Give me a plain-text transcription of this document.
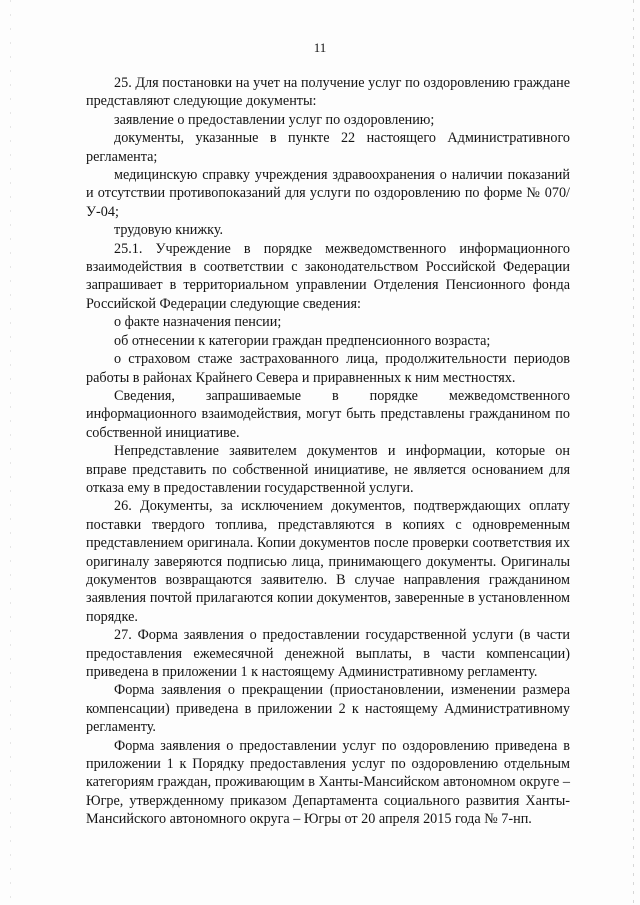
11

25. Для постановки на учет на получение услуг по оздоровлению граждане представляют следующие документы:

заявление о предоставлении услуг по оздоровлению;

документы, указанные в пункте 22 настоящего Административного регламента;

медицинскую справку учреждения здравоохранения о наличии показаний и отсутствии противопоказаний для услуги по оздоровлению по форме № 070/У-04;

трудовую книжку.

25.1. Учреждение в порядке межведомственного информационного взаимодействия в соответствии с законодательством Российской Федерации запрашивает в территориальном управлении Отделения Пенсионного фонда Российской Федерации следующие сведения:

о факте назначения пенсии;

об отнесении к категории граждан предпенсионного возраста;

о страховом стаже застрахованного лица, продолжительности периодов работы в районах Крайнего Севера и приравненных к ним местностях.

Сведения, запрашиваемые в порядке межведомственного информационного взаимодействия, могут быть представлены гражданином по собственной инициативе.

Непредставление заявителем документов и информации, которые он вправе представить по собственной инициативе, не является основанием для отказа ему в предоставлении государственной услуги.

26. Документы, за исключением документов, подтверждающих оплату поставки твердого топлива, представляются в копиях с одновременным представлением оригинала. Копии документов после проверки соответствия их оригиналу заверяются подписью лица, принимающего документы. Оригиналы документов возвращаются заявителю. В случае направления гражданином заявления почтой прилагаются копии документов, заверенные в установленном порядке.

27. Форма заявления о предоставлении государственной услуги (в части предоставления ежемесячной денежной выплаты, в части компенсации) приведена в приложении 1 к настоящему Административному регламенту.

Форма заявления о прекращении (приостановлении, изменении размера компенсации) приведена в приложении 2 к настоящему Административному регламенту.

Форма заявления о предоставлении услуг по оздоровлению приведена в приложении 1 к Порядку предоставления услуг по оздоровлению отдельным категориям граждан, проживающим в Ханты-Мансийском автономном округе – Югре, утвержденному приказом Департамента социального развития Ханты-Мансийского автономного округа – Югры от 20 апреля 2015 года № 7-нп.
